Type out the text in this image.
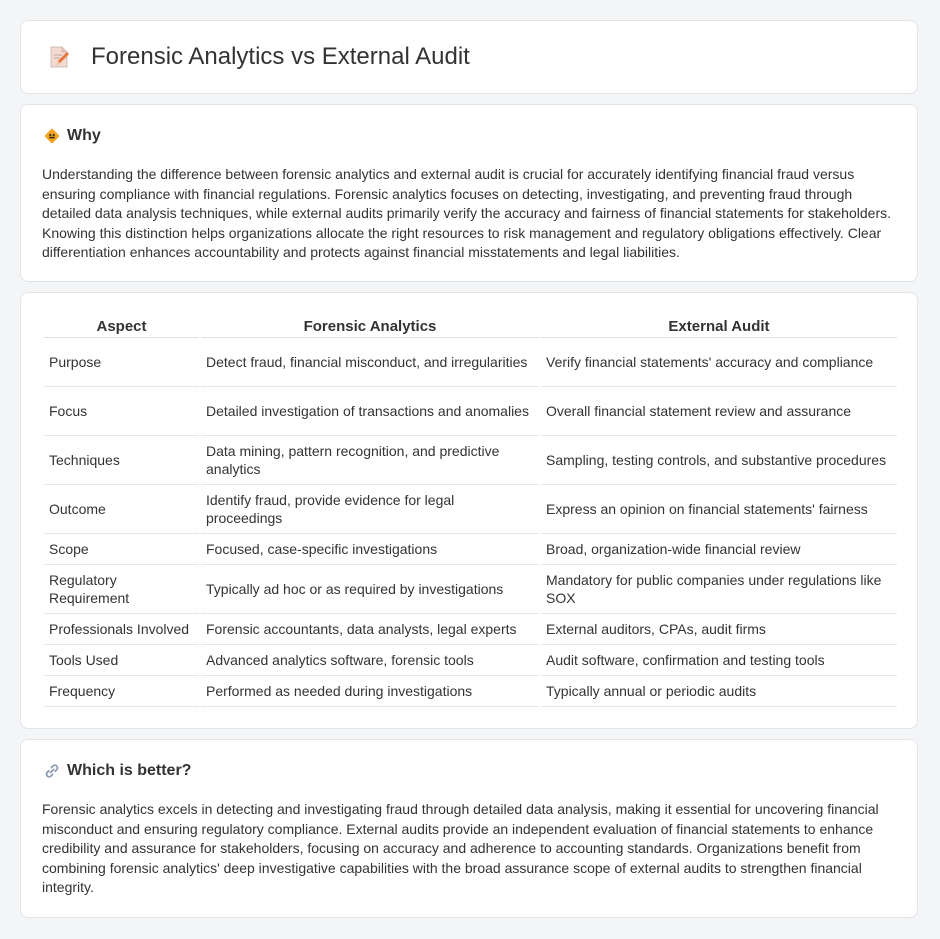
Forensic Analytics vs External Audit
Why

Understanding the difference between forensic analytics and external audit is crucial for accurately identifying financial fraud versus ensuring compliance with financial regulations. Forensic analytics focuses on detecting, investigating, and preventing fraud through detailed data analysis techniques, while external audits primarily verify the accuracy and fairness of financial statements for stakeholders. Knowing this distinction helps organizations allocate the right resources to risk management and regulatory obligations effectively. Clear differentiation enhances accountability and protects against financial misstatements and legal liabilities.

Aspect	Forensic Analytics	External Audit
Purpose	Detect fraud, financial misconduct, and irregularities	Verify financial statements' accuracy and compliance
Focus	Detailed investigation of transactions and anomalies	Overall financial statement review and assurance
Techniques	Data mining, pattern recognition, and predictive analytics	Sampling, testing controls, and substantive procedures
Outcome	Identify fraud, provide evidence for legal proceedings	Express an opinion on financial statements' fairness
Scope	Focused, case-specific investigations	Broad, organization-wide financial review
Regulatory Requirement	Typically ad hoc or as required by investigations	Mandatory for public companies under regulations like SOX
Professionals Involved	Forensic accountants, data analysts, legal experts	External auditors, CPAs, audit firms
Tools Used	Advanced analytics software, forensic tools	Audit software, confirmation and testing tools
Frequency	Performed as needed during investigations	Typically annual or periodic audits
Which is better?

Forensic analytics excels in detecting and investigating fraud through detailed data analysis, making it essential for uncovering financial misconduct and ensuring regulatory compliance. External audits provide an independent evaluation of financial statements to enhance credibility and assurance for stakeholders, focusing on accuracy and adherence to accounting standards. Organizations benefit from combining forensic analytics' deep investigative capabilities with the broad assurance scope of external audits to strengthen financial integrity.
